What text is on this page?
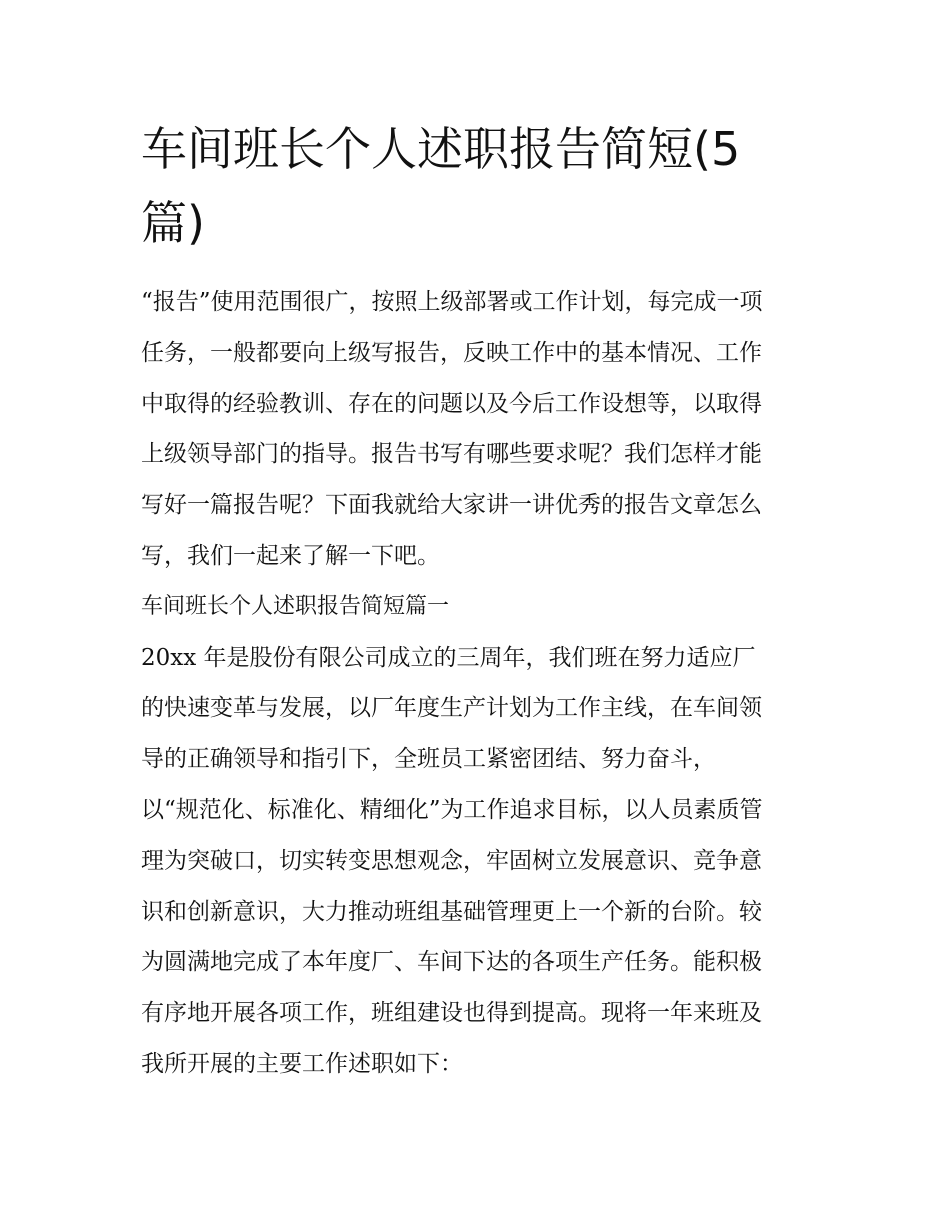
车间班长个人述职报告简短(5
篇)
“报告”使用范围很广，按照上级部署或工作计划，每完成一项
任务，一般都要向上级写报告，反映工作中的基本情况、工作
中取得的经验教训、存在的问题以及今后工作设想等，以取得
上级领导部门的指导。报告书写有哪些要求呢？我们怎样才能
写好一篇报告呢？下面我就给大家讲一讲优秀的报告文章怎么
写，我们一起来了解一下吧。
车间班长个人述职报告简短篇一
20xx 年是股份有限公司成立的三周年，我们班在努力适应厂
的快速变革与发展，以厂年度生产计划为工作主线，在车间领
导的正确领导和指引下，全班员工紧密团结、努力奋斗，
以“规范化、标准化、精细化”为工作追求目标，以人员素质管
理为突破口，切实转变思想观念，牢固树立发展意识、竞争意
识和创新意识，大力推动班组基础管理更上一个新的台阶。较
为圆满地完成了本年度厂、车间下达的各项生产任务。能积极
有序地开展各项工作，班组建设也得到提高。现将一年来班及
我所开展的主要工作述职如下：
